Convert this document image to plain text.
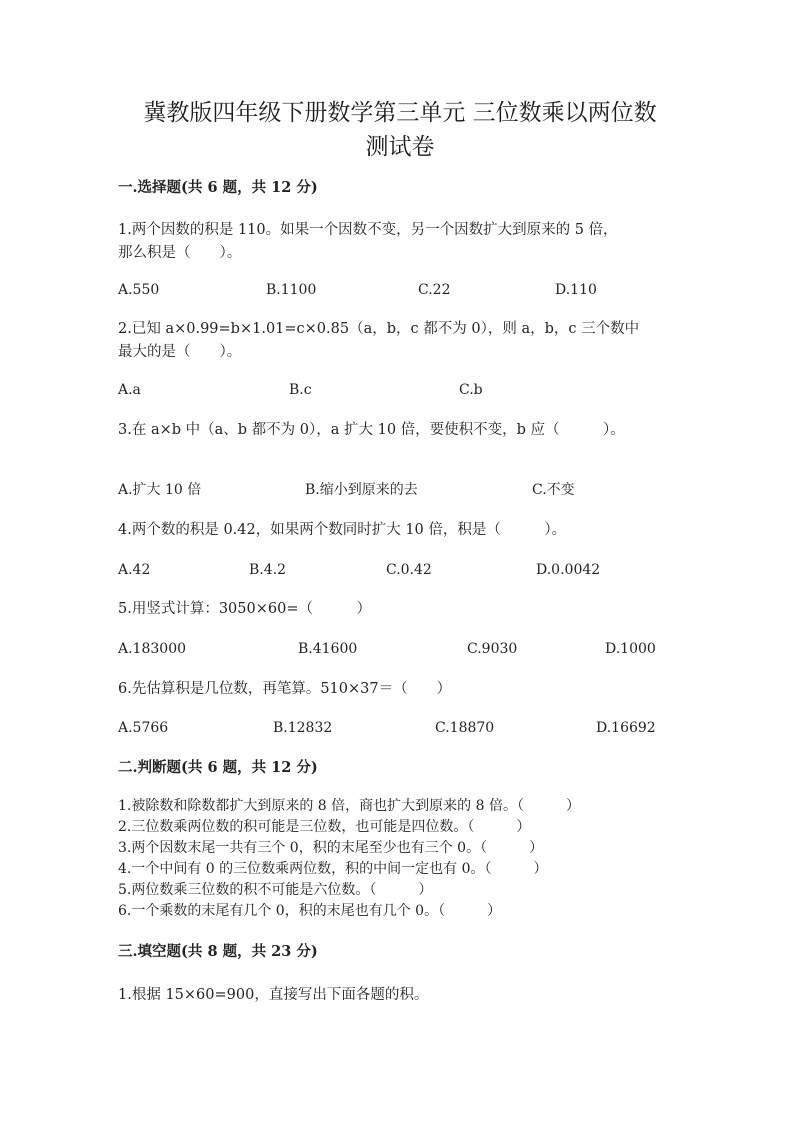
冀教版四年级下册数学第三单元 三位数乘以两位数
测试卷
一.选择题(共 6 题，共 12 分)
1.两个因数的积是 110。如果一个因数不变，另一个因数扩大到原来的 5 倍，
那么积是（　　）。
A.550	B.1100	C.22	D.110
2.已知 a×0.99=b×1.01=c×0.85（a，b，c 都不为 0），则 a，b，c 三个数中
最大的是（　　）。
A.a	B.c	C.b
3.在 a×b 中（a、b 都不为 0），a 扩大 10 倍，要使积不变，b 应（　　　）。
A.扩大 10 倍	B.缩小到原来的去	C.不变
4.两个数的积是 0.42，如果两个数同时扩大 10 倍，积是（　　　）。
A.42	B.4.2	C.0.42	D.0.0042
5.用竖式计算：3050×60=（　　　）
A.183000	B.41600	C.9030	D.1000
6.先估算积是几位数，再笔算。510×37＝（　　）
A.5766	B.12832	C.18870	D.16692
二.判断题(共 6 题，共 12 分)
1.被除数和除数都扩大到原来的 8 倍，商也扩大到原来的 8 倍。（　　　）
2.三位数乘两位数的积可能是三位数，也可能是四位数。（　　　）
3.两个因数末尾一共有三个 0，积的末尾至少也有三个 0。（　　　）
4.一个中间有 0 的三位数乘两位数，积的中间一定也有 0。（　　　）
5.两位数乘三位数的积不可能是六位数。（　　　）
6.一个乘数的末尾有几个 0，积的末尾也有几个 0。（　　　）
三.填空题(共 8 题，共 23 分)
1.根据 15×60=900，直接写出下面各题的积。
